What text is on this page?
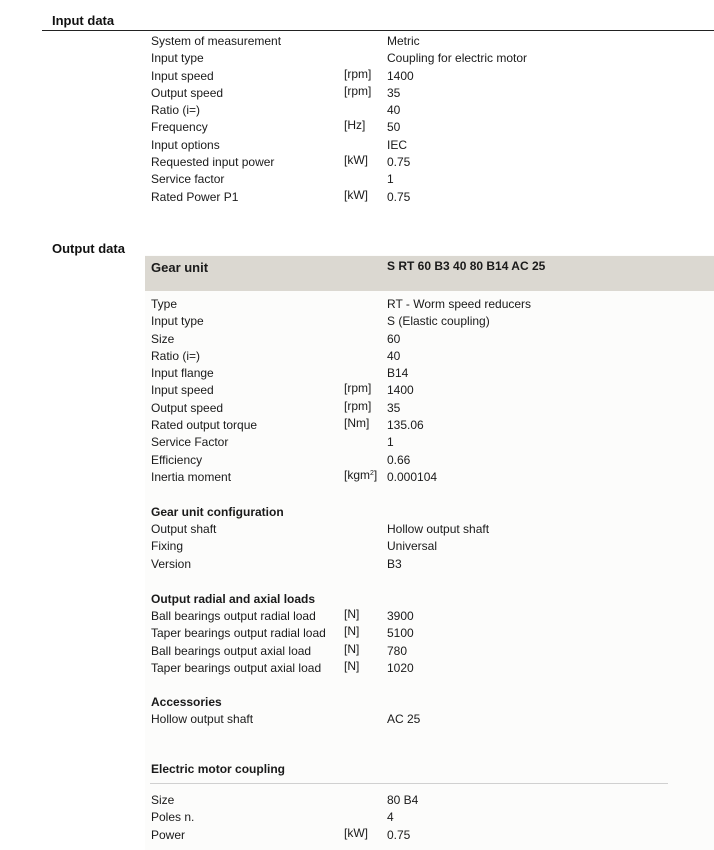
Input data
System of measurement	Metric
Input type	Coupling for electric motor
Input speed	[rpm] 1400
Output speed	[rpm] 35
Ratio (i=)	40
Frequency	[Hz] 50
Input options	IEC
Requested input power	[kW] 0.75
Service factor	1
Rated Power P1	[kW] 0.75
Output data
Gear unit	S RT 60 B3 40 80 B14 AC 25
Type	RT - Worm speed reducers
Input type	S (Elastic coupling)
Size	60
Ratio (i=)	40
Input flange	B14
Input speed	[rpm] 1400
Output speed	[rpm] 35
Rated output torque	[Nm] 135.06
Service Factor	1
Efficiency	0.66
Inertia moment	[kgm$^2$] 0.000104
Gear unit configuration
Output shaft	Hollow output shaft
Fixing	Universal
Version	B3
Output radial and axial loads
Ball bearings output radial load [N] 3900
Taper bearings output radial load [N] 5100
Ball bearings output axial load	[N] 780
Taper bearings output axial load [N] 1020
Accessories
Hollow output shaft	AC 25
Electric motor coupling
Size	80 B4
Poles n.	4
Power	[kW] 0.75
